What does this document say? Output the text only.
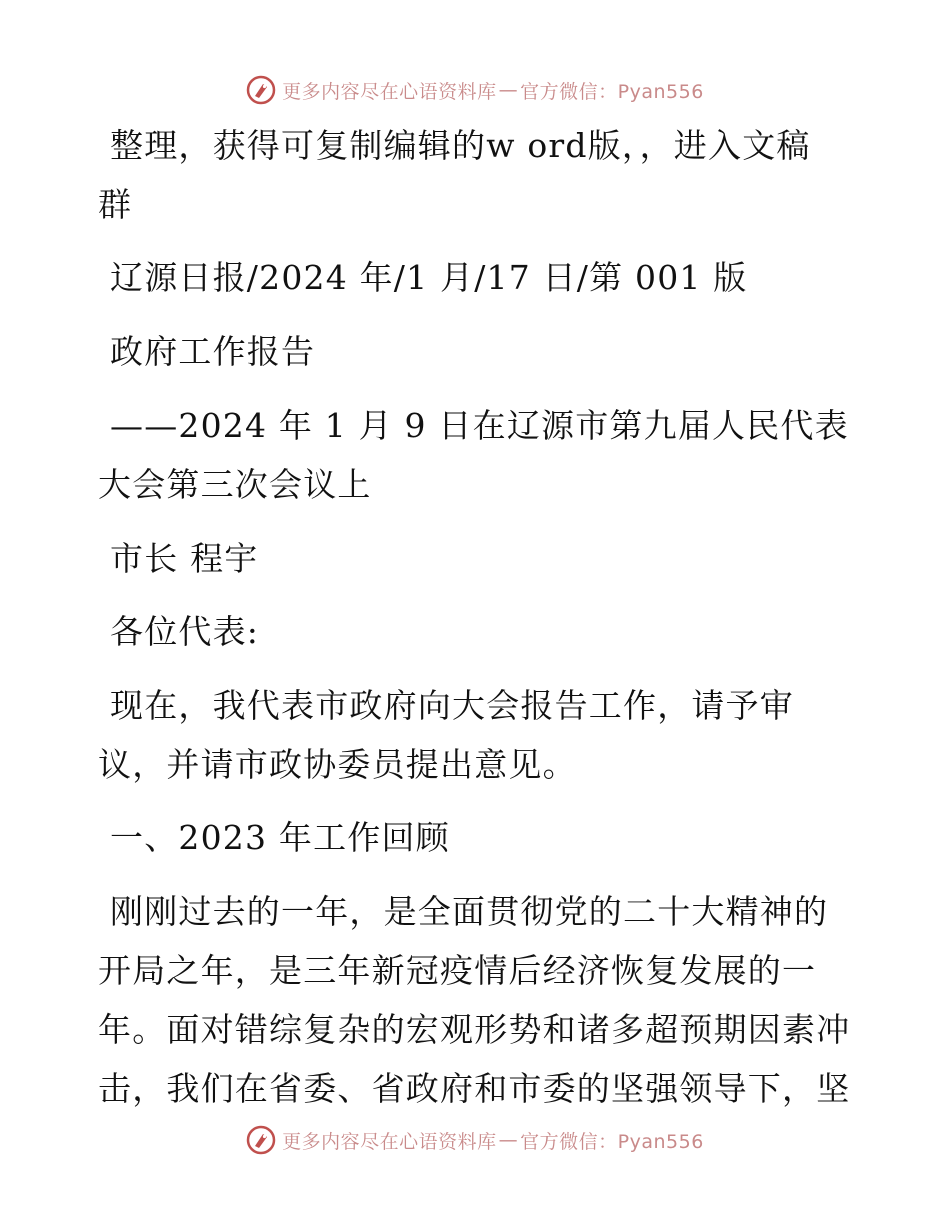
更多内容尽在心语资料库 — 官方微信：Pyan556
整理，获得可复制编辑的w ord版，，进入文稿
群
辽源日报/2024 年/1 月/17 日/第 001 版
政府工作报告
——2024 年 1 月 9 日在辽源市第九届人民代表
大会第三次会议上
市长 程宇
各位代表:
现在，我代表市政府向大会报告工作，请予审
议，并请市政协委员提出意见。
一、2023 年工作回顾
刚刚过去的一年，是全面贯彻党的二十大精神的
开局之年，是三年新冠疫情后经济恢复发展的一
年。面对错综复杂的宏观形势和诸多超预期因素冲
击，我们在省委、省政府和市委的坚强领导下，坚
更多内容尽在心语资料库 — 官方微信：Pyan556
